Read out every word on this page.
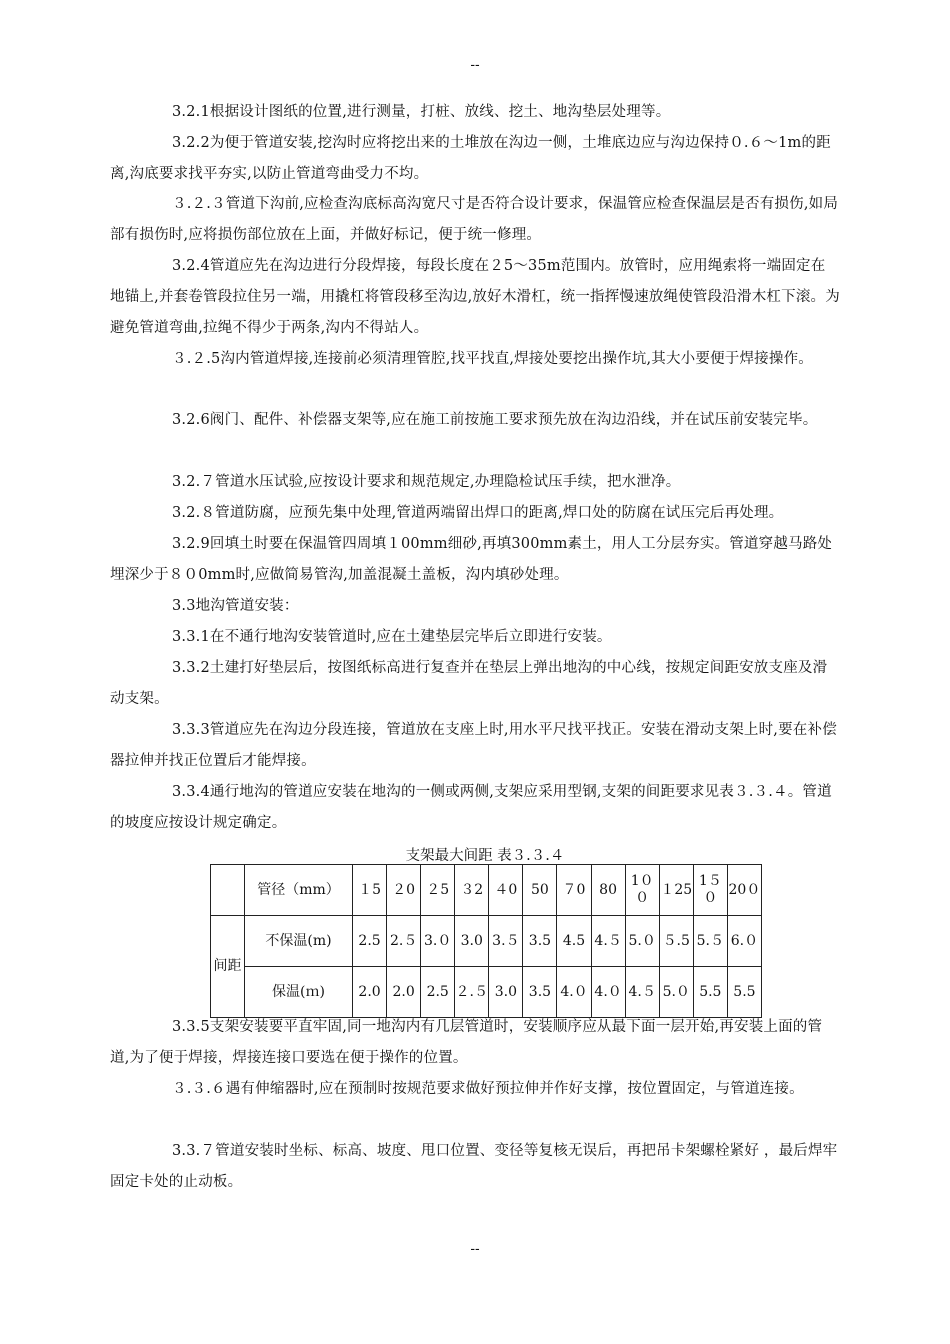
--

3.2.1根据设计图纸的位置,进行测量，打桩、放线、挖土、地沟垫层处理等。

3.2.2为便于管道安装,挖沟时应将挖出来的土堆放在沟边一侧，土堆底边应与沟边保持０.６～1m的距离,沟底要求找平夯实,以防止管道弯曲受力不均。

３.２.３管道下沟前,应检查沟底标高沟宽尺寸是否符合设计要求，保温管应检查保温层是否有损伤,如局部有损伤时,应将损伤部位放在上面，并做好标记，便于统一修理。

3.2.4管道应先在沟边进行分段焊接，每段长度在２5～35m范围内。放管时，应用绳索将一端固定在地锚上,并套卷管段拉住另一端，用撬杠将管段移至沟边,放好木滑杠，统一指挥慢速放绳使管段沿滑木杠下滚。为避免管道弯曲,拉绳不得少于两条,沟内不得站人。

３.２.5沟内管道焊接,连接前必须清理管腔,找平找直,焊接处要挖出操作坑,其大小要便于焊接操作。

3.2.6阀门、配件、补偿器支架等,应在施工前按施工要求预先放在沟边沿线，并在试压前安装完毕。

3.2.７管道水压试验,应按设计要求和规范规定,办理隐检试压手续，把水泄净。

3.2.８管道防腐，应预先集中处理,管道两端留出焊口的距离,焊口处的防腐在试压完后再处理。

3.2.9回填土时要在保温管四周填１00mm细砂,再填300mm素土，用人工分层夯实。管道穿越马路处埋深少于８０0mm时,应做简易管沟,加盖混凝土盖板，沟内填砂处理。

3.3地沟管道安装：

3.3.1在不通行地沟安装管道时,应在土建垫层完毕后立即进行安装。

3.3.2土建打好垫层后，按图纸标高进行复查并在垫层上弹出地沟的中心线，按规定间距安放支座及滑动支架。

3.3.3管道应先在沟边分段连接，管道放在支座上时,用水平尺找平找正。安装在滑动支架上时,要在补偿器拉伸并找正位置后才能焊接。

3.3.4通行地沟的管道应安装在地沟的一侧或两侧,支架应采用型钢,支架的间距要求见表３.３.４。管道的坡度应按设计规定确定。

支架最大间距 表３.３.４
	管径（mm）	１5	２0	２5	３2	４0	50	７0	80	1００	１25	1５０	20０
间距	不保温(m)	2.5	2.５	3.０	3.0	3.５	3.5	4.5	4.５	5.０	５.5	5.５	6.０
	保温(ｍ)	2.0	2.0	2.5	２.５	3.0	3.5	4.０	4.０	4.５	5.０	5.5	5.5

3.3.5支架安装要平直牢固,同一地沟内有几层管道时，安装顺序应从最下面一层开始,再安装上面的管道,为了便于焊接，焊接连接口要选在便于操作的位置。

３.３.６遇有伸缩器时,应在预制时按规范要求做好预拉伸并作好支撑，按位置固定，与管道连接。

3.3.７管道安装时坐标、标高、坡度、甩口位置、变径等复核无误后，再把吊卡架螺栓紧好 ，最后焊牢固定卡处的止动板。

--
